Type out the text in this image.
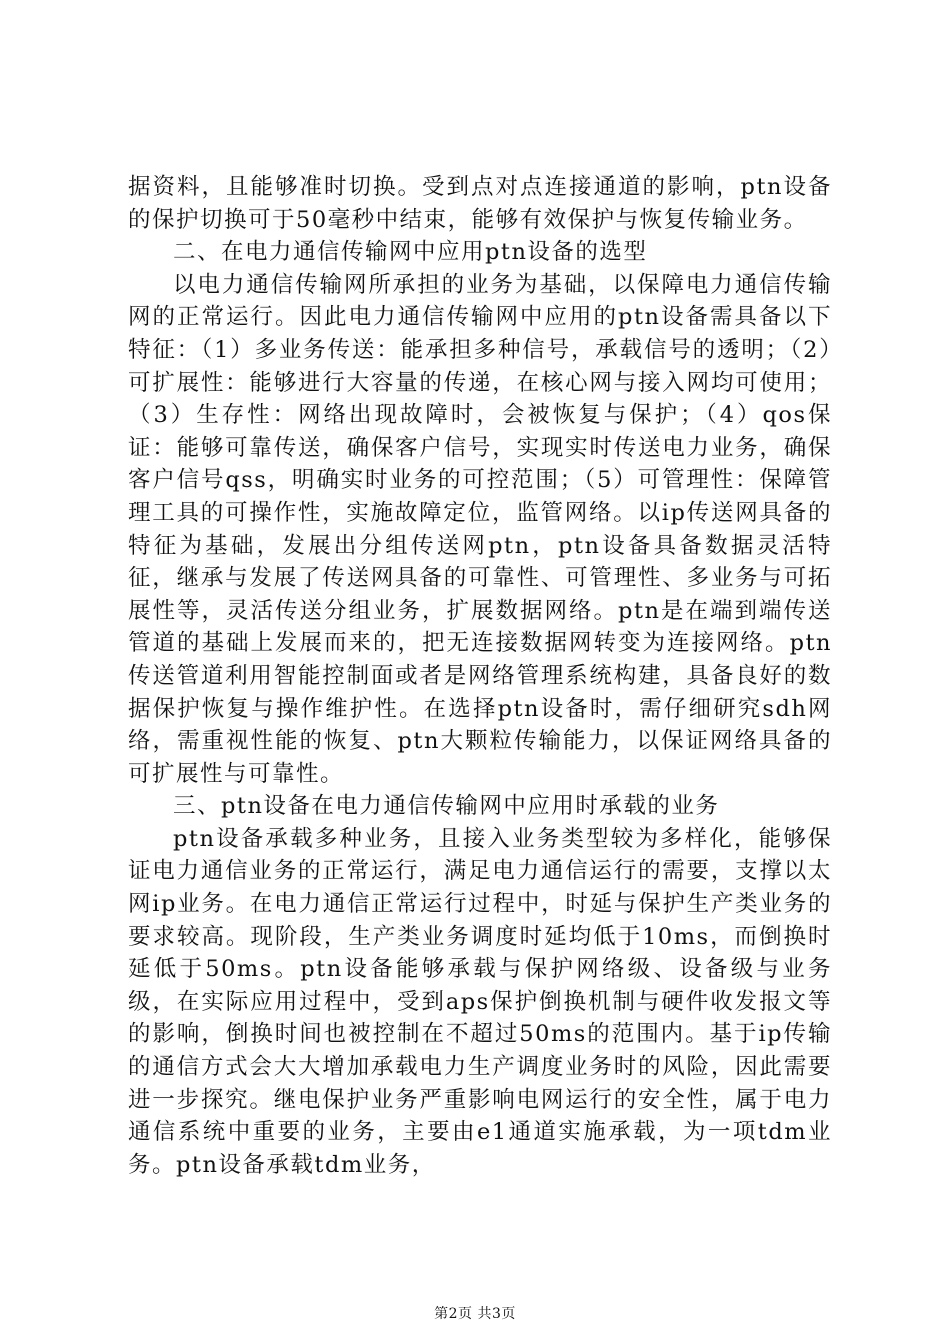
据资料，且能够准时切换。受到点对点连接通道的影响，ptn设备的保护切换可于50毫秒中结束，能够有效保护与恢复传输业务。

二、在电力通信传输网中应用ptn设备的选型

以电力通信传输网所承担的业务为基础，以保障电力通信传输网的正常运行。因此电力通信传输网中应用的ptn设备需具备以下特征：（1）多业务传送：能承担多种信号，承载信号的透明；（2）可扩展性：能够进行大容量的传递，在核心网与接入网均可使用；（3）生存性：网络出现故障时，会被恢复与保护；（4）qos保证：能够可靠传送，确保客户信号，实现实时传送电力业务，确保客户信号qss，明确实时业务的可控范围；（5）可管理性：保障管理工具的可操作性，实施故障定位，监管网络。以ip传送网具备的特征为基础，发展出分组传送网ptn，ptn设备具备数据灵活特征，继承与发展了传送网具备的可靠性、可管理性、多业务与可拓展性等，灵活传送分组业务，扩展数据网络。ptn是在端到端传送管道的基础上发展而来的，把无连接数据网转变为连接网络。ptn传送管道利用智能控制面或者是网络管理系统构建，具备良好的数据保护恢复与操作维护性。在选择ptn设备时，需仔细研究sdh网络，需重视性能的恢复、ptn大颗粒传输能力，以保证网络具备的可扩展性与可靠性。

三、ptn设备在电力通信传输网中应用时承载的业务

ptn设备承载多种业务，且接入业务类型较为多样化，能够保证电力通信业务的正常运行，满足电力通信运行的需要，支撑以太网ip业务。在电力通信正常运行过程中，时延与保护生产类业务的要求较高。现阶段，生产类业务调度时延均低于10ms，而倒换时延低于50ms。ptn设备能够承载与保护网络级、设备级与业务级，在实际应用过程中，受到aps保护倒换机制与硬件收发报文等的影响，倒换时间也被控制在不超过50ms的范围内。基于ip传输的通信方式会大大增加承载电力生产调度业务时的风险，因此需要进一步探究。继电保护业务严重影响电网运行的安全性，属于电力通信系统中重要的业务，主要由e1通道实施承载，为一项tdm业务。ptn设备承载tdm业务，

第2页 共3页
